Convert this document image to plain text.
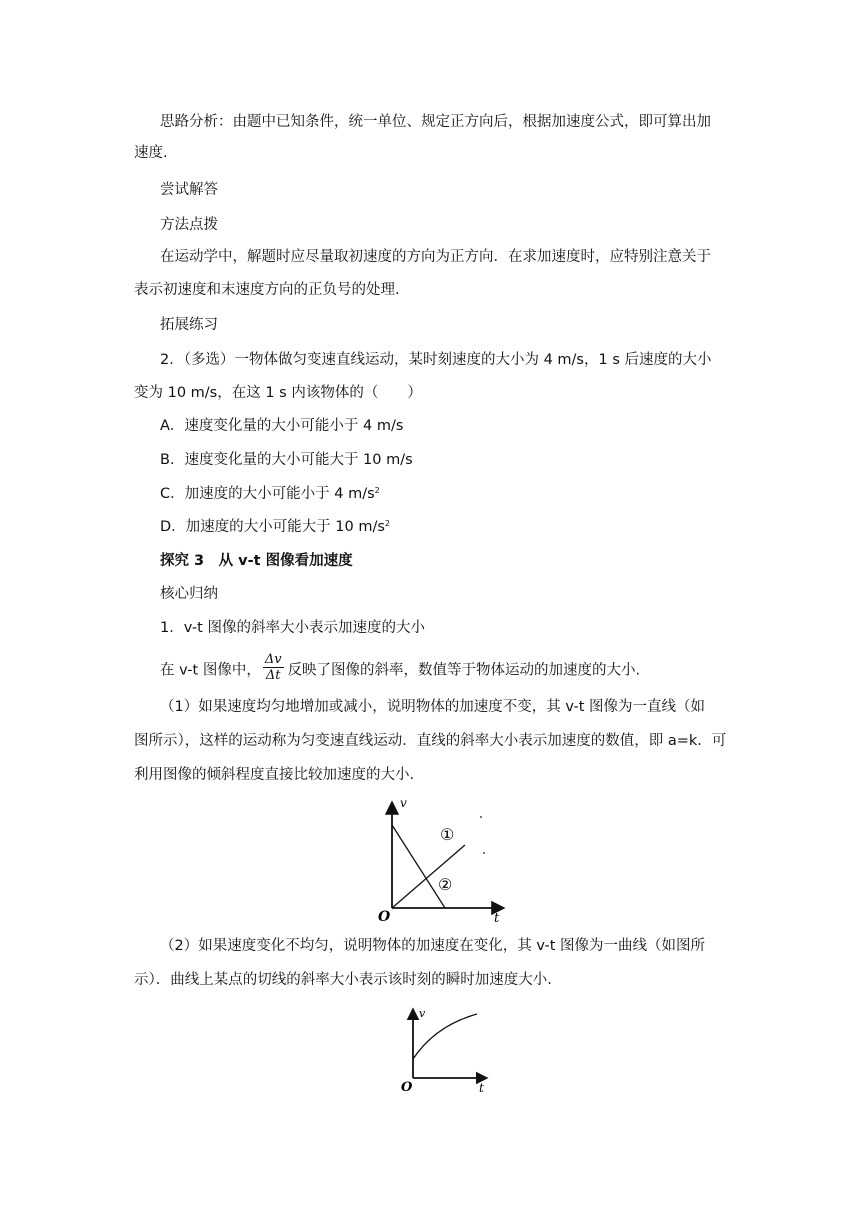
思路分析：由题中已知条件，统一单位、规定正方向后，根据加速度公式，即可算出加
速度.
尝试解答
方法点拨
在运动学中，解题时应尽量取初速度的方向为正方向．在求加速度时，应特别注意关于
表示初速度和末速度方向的正负号的处理.
拓展练习
2．（多选）一物体做匀变速直线运动，某时刻速度的大小为 4 m/s，1 s 后速度的大小
变为 10 m/s，在这 1 s 内该物体的（　　）
A．速度变化量的大小可能小于 4 m/s
B．速度变化量的大小可能大于 10 m/s
C．加速度的大小可能小于 4 $m/s^2$
D．加速度的大小可能大于 10 $m/s^2$
探究 3　从 v-t 图像看加速度
核心归纳
1．v-t 图像的斜率大小表示加速度的大小
在 v-t 图像中， $\frac{\Delta v}{\Delta t}$ 反映了图像的斜率，数值等于物体运动的加速度的大小.
（1）如果速度均匀地增加或减小，说明物体的加速度不变，其 v-t 图像为一直线（如
图所示），这样的运动称为匀变速直线运动．直线的斜率大小表示加速度的数值，即 a=k．可
利用图像的倾斜程度直接比较加速度的大小.
v
t
O
①
②
（2）如果速度变化不均匀，说明物体的加速度在变化，其 v-t 图像为一曲线（如图所
示）．曲线上某点的切线的斜率大小表示该时刻的瞬时加速度大小.
v
t
O
